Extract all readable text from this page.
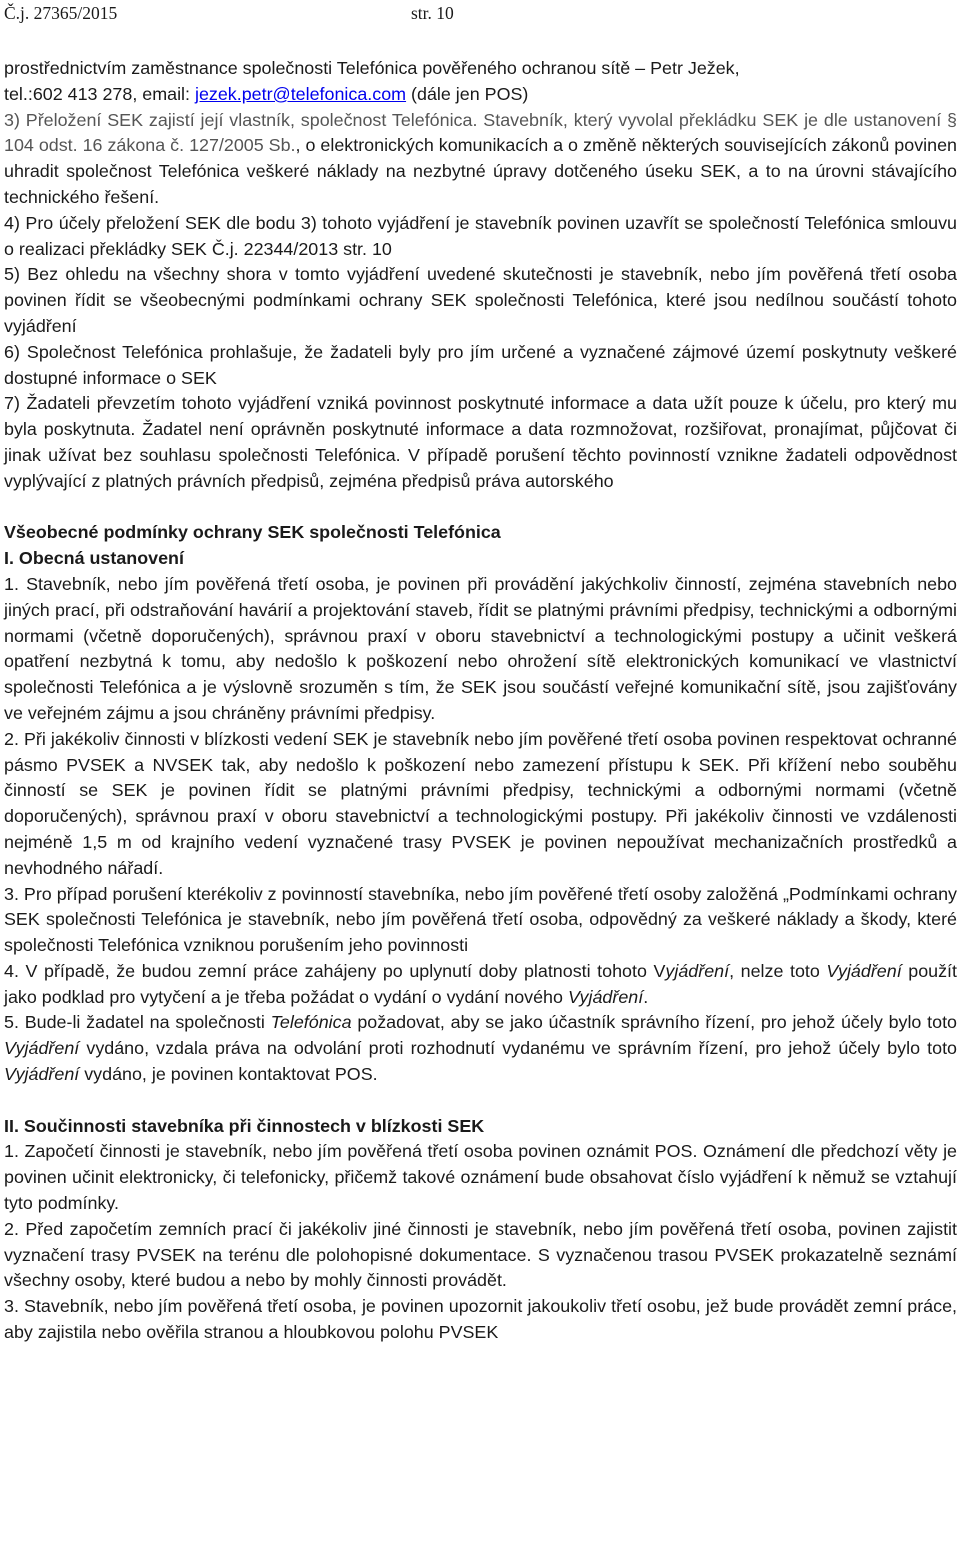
Č.j. 27365/2015	str. 10

prostřednictvím zaměstnance společnosti Telefónica pověřeného ochranou sítě – Petr Ježek,
tel.:602 413 278, email: jezek.petr@telefonica.com (dále jen POS)

3) Přeložení SEK zajistí její vlastník, společnost Telefónica. Stavebník, který vyvolal překládku SEK je dle ustanovení § 104 odst. 16 zákona č. 127/2005 Sb., o elektronických komunikacích a o změně některých souvisejících zákonů povinen uhradit společnost Telefónica veškeré náklady na nezbytné úpravy dotčeného úseku SEK, a to na úrovni stávajícího technického řešení.

4) Pro účely přeložení SEK dle bodu 3) tohoto vyjádření je stavebník povinen uzavřít se společností Telefónica smlouvu o realizaci překládky SEK Č.j. 22344/2013 str. 10

5) Bez ohledu na všechny shora v tomto vyjádření uvedené skutečnosti je stavebník, nebo jím pověřená třetí osoba povinen řídit se všeobecnými podmínkami ochrany SEK společnosti Telefónica, které jsou nedílnou součástí tohoto vyjádření

6) Společnost Telefónica prohlašuje, že žadateli byly pro jím určené a vyznačené zájmové území poskytnuty veškeré dostupné informace o SEK

7) Žadateli převzetím tohoto vyjádření vzniká povinnost poskytnuté informace a data užít pouze k účelu, pro který mu byla poskytnuta. Žadatel není oprávněn poskytnuté informace a data rozmnožovat, rozšiřovat, pronajímat, půjčovat či jinak užívat bez souhlasu společnosti Telefónica. V případě porušení těchto povinností vznikne žadateli odpovědnost vyplývající z platných právních předpisů, zejména předpisů práva autorského

Všeobecné podmínky ochrany SEK společnosti Telefónica

I. Obecná ustanovení

1. Stavebník, nebo jím pověřená třetí osoba, je povinen při provádění jakýchkoliv činností, zejména stavebních nebo jiných prací, při odstraňování havárií a projektování staveb, řídit se platnými právními předpisy, technickými a odbornými normami (včetně doporučených), správnou praxí v oboru stavebnictví a technologickými postupy a učinit veškerá opatření nezbytná k tomu, aby nedošlo k poškození nebo ohrožení sítě elektronických komunikací ve vlastnictví společnosti Telefónica a je výslovně srozuměn s tím, že SEK jsou součástí veřejné komunikační sítě, jsou zajišťovány ve veřejném zájmu a jsou chráněny právními předpisy.

2. Při jakékoliv činnosti v blízkosti vedení SEK je stavebník nebo jím pověřené třetí osoba povinen respektovat ochranné pásmo PVSEK a NVSEK tak, aby nedošlo k poškození nebo zamezení přístupu k SEK. Při křížení nebo souběhu činností se SEK je povinen řídit se platnými právními předpisy, technickými a odbornými normami (včetně doporučených), správnou praxí v oboru stavebnictví a technologickými postupy. Při jakékoliv činnosti ve vzdálenosti nejméně 1,5 m od krajního vedení vyznačené trasy PVSEK je povinen nepoužívat mechanizačních prostředků a nevhodného nářadí.

3. Pro případ porušení kterékoliv z povinností stavebníka, nebo jím pověřené třetí osoby založěná „Podmínkami ochrany SEK společnosti Telefónica je stavebník, nebo jím pověřená třetí osoba, odpovědný za veškeré náklady a škody, které společnosti Telefónica vzniknou porušením jeho povinnosti

4. V případě, že budou zemní práce zahájeny po uplynutí doby platnosti tohoto Vyjádření, nelze toto Vyjádření použít jako podklad pro vytyčení a je třeba požádat o vydání o vydání nového Vyjádření.

5. Bude-li žadatel na společnosti Telefónica požadovat, aby se jako účastník správního řízení, pro jehož účely bylo toto Vyjádření vydáno, vzdala práva na odvolání proti rozhodnutí vydanému ve správním řízení, pro jehož účely bylo toto Vyjádření vydáno, je povinen kontaktovat POS.

II. Součinnosti stavebníka při činnostech v blízkosti SEK

1. Započetí činnosti je stavebník, nebo jím pověřená třetí osoba povinen oznámit POS. Oznámení dle předchozí věty je povinen učinit elektronicky, či telefonicky, přičemž takové oznámení bude obsahovat číslo vyjádření k němuž se vztahují tyto podmínky.

2. Před započetím zemních prací či jakékoliv jiné činnosti je stavebník, nebo jím pověřená třetí osoba, povinen zajistit vyznačení trasy PVSEK na terénu dle polohopisné dokumentace. S vyznačenou trasou PVSEK prokazatelně seznámí všechny osoby, které budou a nebo by mohly činnosti provádět.

3. Stavebník, nebo jím pověřená třetí osoba, je povinen upozornit jakoukoliv třetí osobu, jež bude provádět zemní práce, aby zajistila nebo ověřila stranou a hloubkovou polohu PVSEK
